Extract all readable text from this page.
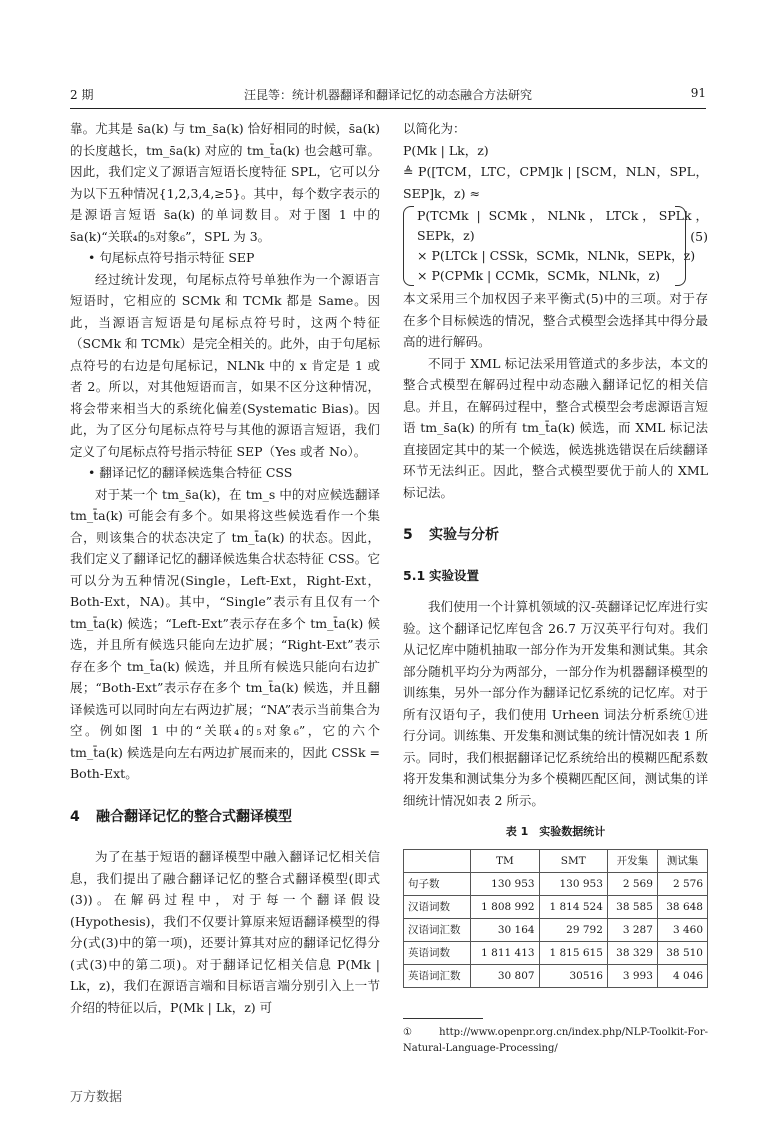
2 期	汪昆等：统计机器翻译和翻译记忆的动态融合方法研究	91

靠。尤其是 s̄a(k) 与 tm_s̄a(k) 恰好相同的时候，s̄a(k) 的长度越长，tm_s̄a(k) 对应的 tm_t̄a(k) 也会越可靠。因此，我们定义了源语言短语长度特征 SPL，它可以分为以下五种情况{1,2,3,4,≥5}。其中，每个数字表示的是源语言短语 s̄a(k) 的单词数目。对于图 1 中的 s̄a(k)“关联₄的₅对象₆”，SPL 为 3。

• 句尾标点符号指示特征 SEP

经过统计发现，句尾标点符号单独作为一个源语言短语时，它相应的 SCMk 和 TCMk 都是 Same。因此，当源语言短语是句尾标点符号时，这两个特征（SCMk 和 TCMk）是完全相关的。此外，由于句尾标点符号的右边是句尾标记，NLNk 中的 x 肯定是 1 或者 2。所以，对其他短语而言，如果不区分这种情况，将会带来相当大的系统化偏差(Systematic Bias)。因此，为了区分句尾标点符号与其他的源语言短语，我们定义了句尾标点符号指示特征 SEP（Yes 或者 No）。

• 翻译记忆的翻译候选集合特征 CSS

对于某一个 tm_s̄a(k)，在 tm_s 中的对应候选翻译 tm_t̄a(k) 可能会有多个。如果将这些候选看作一个集合，则该集合的状态决定了 tm_t̄a(k) 的状态。因此，我们定义了翻译记忆的翻译候选集合状态特征 CSS。它可以分为五种情况(Single，Left-Ext，Right-Ext，Both-Ext，NA)。其中，“Single”表示有且仅有一个 tm_t̄a(k) 候选；“Left-Ext”表示存在多个 tm_t̄a(k) 候选，并且所有候选只能向左边扩展；“Right-Ext”表示存在多个 tm_t̄a(k) 候选，并且所有候选只能向右边扩展；“Both-Ext”表示存在多个 tm_t̄a(k) 候选，并且翻译候选可以同时向左右两边扩展；“NA”表示当前集合为空。例如图 1 中的“关联₄的₅对象₆”，它的六个 tm_t̄a(k) 候选是向左右两边扩展而来的，因此 CSSk = Both-Ext。

4 融合翻译记忆的整合式翻译模型

为了在基于短语的翻译模型中融入翻译记忆相关信息，我们提出了融合翻译记忆的整合式翻译模型(即式(3))。在解码过程中，对于每一个翻译假设(Hypothesis)，我们不仅要计算原来短语翻译模型的得分(式(3)中的第一项)，还要计算其对应的翻译记忆得分(式(3)中的第二项)。对于翻译记忆相关信息 P(Mk | Lk，z)，我们在源语言端和目标语言端分别引入上一节介绍的特征以后，P(Mk | Lk，z) 可

以简化为：

P(Mk | Lk，z)

≜ P([TCM，LTC，CPM]k | [SCM，NLN，SPL，SEP]k，z) ≈

P(TCMk | SCMk，NLNk，LTCk，SPLk，SEPk，z)
× P(LTCk | CSSk，SCMk，NLNk，SEPk，z)
× P(CPMk | CCMk，SCMk，NLNk，z)
(5)

本文采用三个加权因子来平衡式(5)中的三项。对于存在多个目标候选的情况，整合式模型会选择其中得分最高的进行解码。

不同于 XML 标记法采用管道式的多步法，本文的整合式模型在解码过程中动态融入翻译记忆的相关信息。并且，在解码过程中，整合式模型会考虑源语言短语 tm_s̄a(k) 的所有 tm_t̄a(k) 候选，而 XML 标记法直接固定其中的某一个候选，候选挑选错误在后续翻译环节无法纠正。因此，整合式模型要优于前人的 XML 标记法。

5 实验与分析
5.1 实验设置

我们使用一个计算机领域的汉-英翻译记忆库进行实验。这个翻译记忆库包含 26.7 万汉英平行句对。我们从记忆库中随机抽取一部分作为开发集和测试集。其余部分随机平均分为两部分，一部分作为机器翻译模型的训练集，另外一部分作为翻译记忆系统的记忆库。对于所有汉语句子，我们使用 Urheen 词法分析系统①进行分词。训练集、开发集和测试集的统计情况如表 1 所示。同时，我们根据翻译记忆系统给出的模糊匹配系数将开发集和测试集分为多个模糊匹配区间，测试集的详细统计情况如表 2 所示。

表 1　实验数据统计
	TM	SMT	开发集	测试集
句子数	130 953	130 953	2 569	2 576
汉语词数	1 808 992	1 814 524	38 585	38 648
汉语词汇数	30 164	29 792	3 287	3 460
英语词数	1 811 413	1 815 615	38 329	38 510
英语词汇数	30 807	30516	3 993	4 046

①　http://www.openpr.org.cn/index.php/NLP-Toolkit-For-Natural-Language-Processing/

万方数据
